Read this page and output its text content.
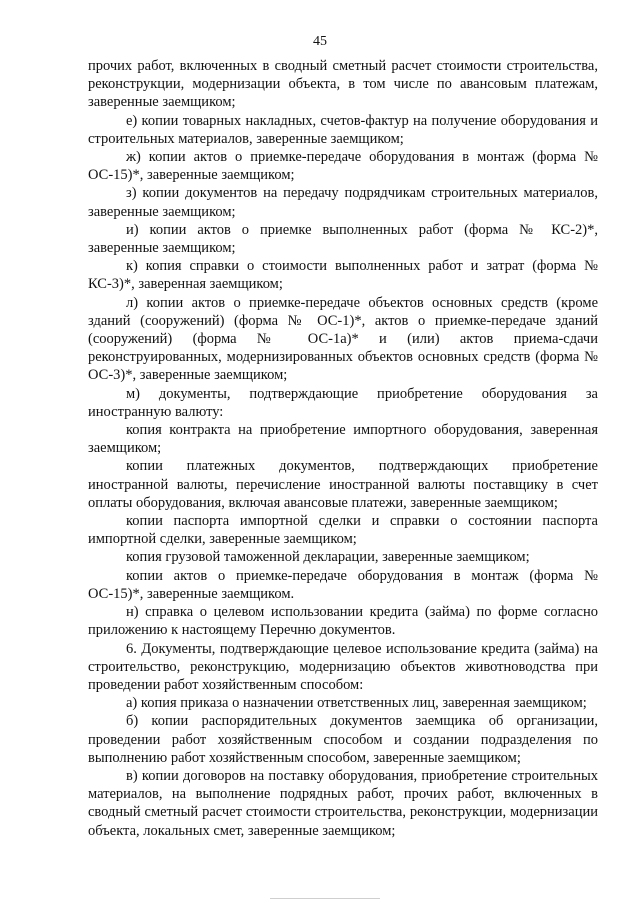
45

прочих работ, включенных в сводный сметный расчет стоимости строительства, реконструкции, модернизации объекта, в том числе по авансовым платежам, заверенные заемщиком;

е) копии товарных накладных, счетов-фактур на получение оборудования и строительных материалов, заверенные заемщиком;

ж) копии актов о приемке-передаче оборудования в монтаж (форма № ОС-15)*, заверенные заемщиком;

з) копии документов на передачу подрядчикам строительных материалов, заверенные заемщиком;

и) копии актов о приемке выполненных работ (форма № КС-2)*, заверенные заемщиком;

к) копия справки о стоимости выполненных работ и затрат (форма № КС-3)*, заверенная заемщиком;

л) копии актов о приемке-передаче объектов основных средств (кроме зданий (сооружений) (форма № ОС-1)*, актов о приемке-передаче зданий (сооружений) (форма № ОС-1а)* и (или) актов приема-сдачи реконструированных, модернизированных объектов основных средств (форма № ОС-3)*, заверенные заемщиком;

м) документы, подтверждающие приобретение оборудования за иностранную валюту:

копия контракта на приобретение импортного оборудования, заверенная заемщиком;

копии платежных документов, подтверждающих приобретение иностранной валюты, перечисление иностранной валюты поставщику в счет оплаты оборудования, включая авансовые платежи, заверенные заемщиком;

копии паспорта импортной сделки и справки о состоянии паспорта импортной сделки, заверенные заемщиком;

копия грузовой таможенной декларации, заверенные заемщиком;

копии актов о приемке-передаче оборудования в монтаж (форма № ОС-15)*, заверенные заемщиком.

н) справка о целевом использовании кредита (займа) по форме согласно приложению к настоящему Перечню документов.

6. Документы, подтверждающие целевое использование кредита (займа) на строительство, реконструкцию, модернизацию объектов животноводства при проведении работ хозяйственным способом:

а) копия приказа о назначении ответственных лиц, заверенная заемщиком;

б) копии распорядительных документов заемщика об организации, проведении работ хозяйственным способом и создании подразделения по выполнению работ хозяйственным способом, заверенные заемщиком;

в) копии договоров на поставку оборудования, приобретение строительных материалов, на выполнение подрядных работ, прочих работ, включенных в сводный сметный расчет стоимости строительства, реконструкции, модернизации объекта, локальных смет, заверенные заемщиком;
